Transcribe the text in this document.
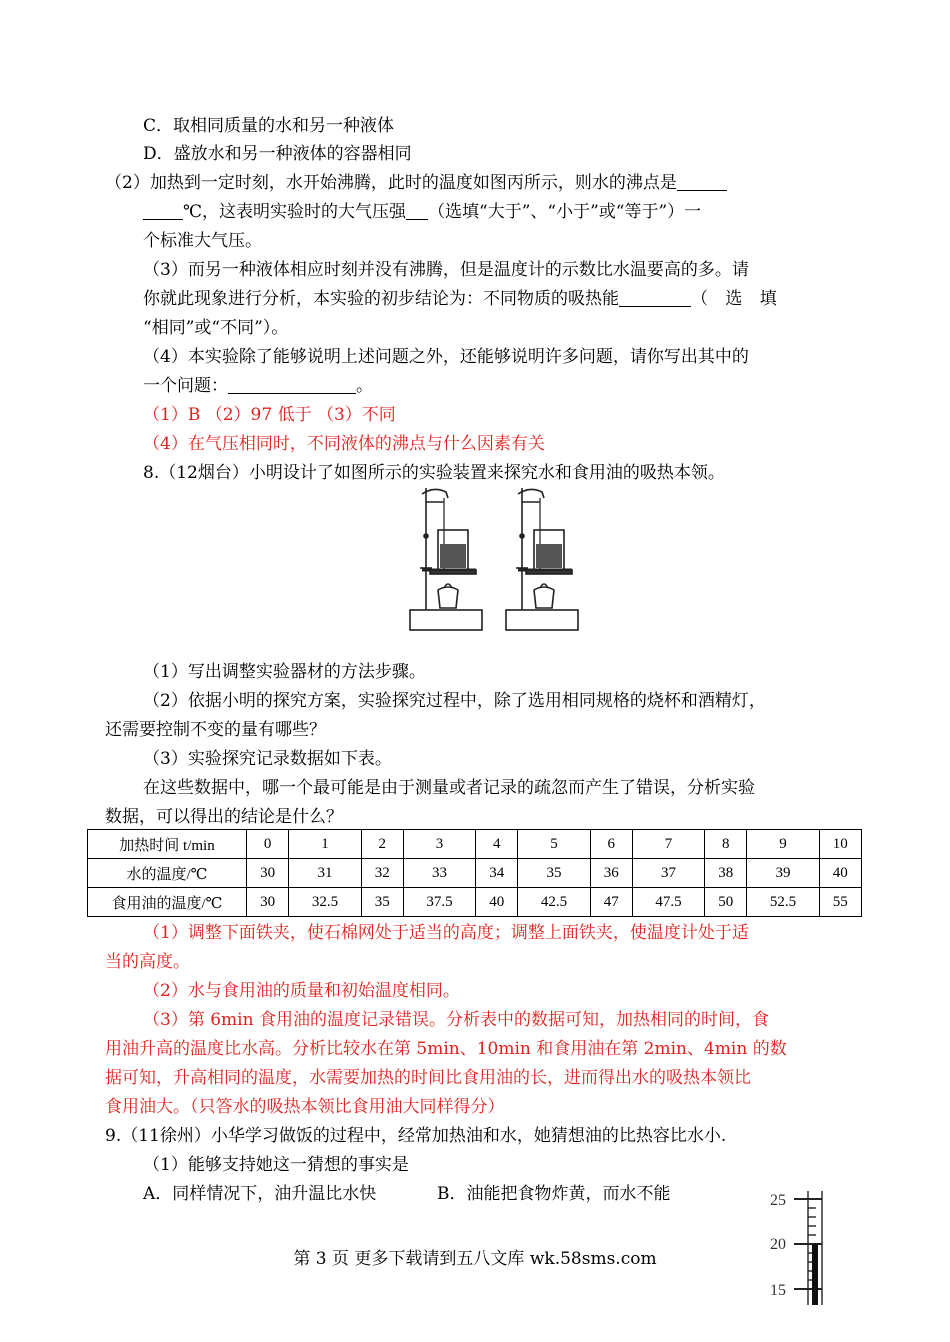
C．取相同质量的水和另一种液体
D．盛放水和另一种液体的容器相同
（2）加热到一定时刻，水开始沸腾，此时的温度如图丙所示，则水的沸点是
℃，这表明实验时的大气压强 （选填“大于”、“小于”或“等于”）一
个标准大气压。
（3）而另一种液体相应时刻并没有沸腾，但是温度计的示数比水温要高的多。请
你就此现象进行分析，本实验的初步结论为：不同物质的吸热能	（ 选 填
“相同”或“不同”）。
（4）本实验除了能够说明上述问题之外，还能够说明许多问题，请你写出其中的
一个问题：	。
（1）B （2）97 低于 （3）不同
（4）在气压相同时，不同液体的沸点与什么因素有关
8.（12烟台）小明设计了如图所示的实验装置来探究水和食用油的吸热本领。
（1）写出调整实验器材的方法步骤。
（2）依据小明的探究方案，实验探究过程中，除了选用相同规格的烧杯和酒精灯，
还需要控制不变的量有哪些？
（3）实验探究记录数据如下表。
在这些数据中，哪一个最可能是由于测量或者记录的疏忽而产生了错误，分析实验
数据，可以得出的结论是什么？
加热时间 t/min	0	1	2	3	4	5	6	7	8	9	10
水的温度/℃	30	31	32	33	34	35	36	37	38	39	40
食用油的温度/℃	30	32.5	35	37.5	40	42.5	47	47.5	50	52.5	55
（1）调整下面铁夹，使石棉网处于适当的高度；调整上面铁夹，使温度计处于适
当的高度。
（2）水与食用油的质量和初始温度相同。
（3）第 6min 食用油的温度记录错误。分析表中的数据可知，加热相同的时间，食
用油升高的温度比水高。分析比较水在第 5min、10min 和食用油在第 2min、4min 的数
据可知，升高相同的温度，水需要加热的时间比食用油的长，进而得出水的吸热本领比
食用油大。（只答水的吸热本领比食用油大同样得分）
9.（11徐州）小华学习做饭的过程中，经常加热油和水，她猜想油的比热容比水小.
（1）能够支持她这一猜想的事实是
A．同样情况下，油升温比水快	B．油能把食物炸黄，而水不能	25
20
15
第 3 页 更多下载请到五八文库 wk.58sms.com
